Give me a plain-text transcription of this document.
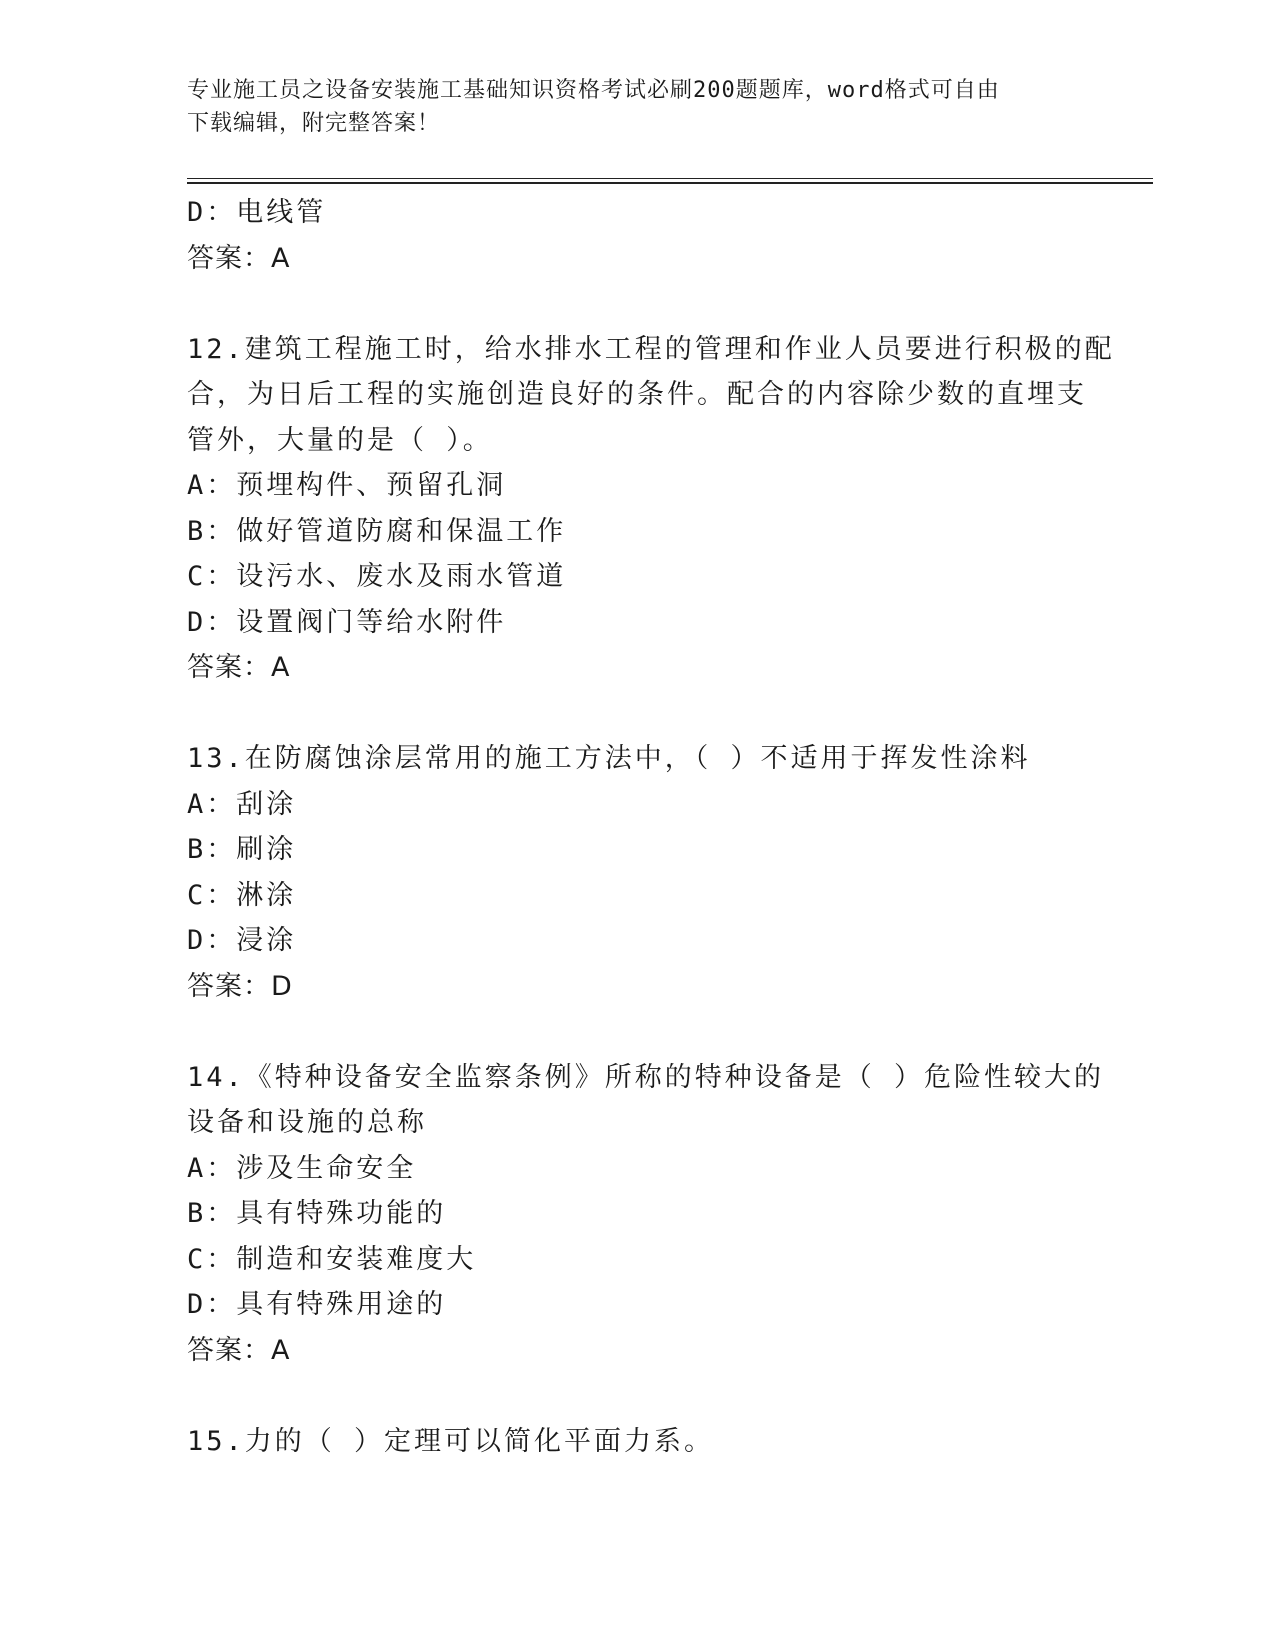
专业施工员之设备安装施工基础知识资格考试必刷200题题库，word格式可自由
下载编辑，附完整答案！
D：电线管
答案：A
12.建筑工程施工时，给水排水工程的管理和作业人员要进行积极的配
合，为日后工程的实施创造良好的条件。配合的内容除少数的直埋支
管外，大量的是（ ）。
A：预埋构件、预留孔洞
B：做好管道防腐和保温工作
C：设污水、废水及雨水管道
D：设置阀门等给水附件
答案：A
13.在防腐蚀涂层常用的施工方法中，（ ）不适用于挥发性涂料
A：刮涂
B：刷涂
C：淋涂
D：浸涂
答案：D
14.《特种设备安全监察条例》所称的特种设备是（ ）危险性较大的
设备和设施的总称
A：涉及生命安全
B：具有特殊功能的
C：制造和安装难度大
D：具有特殊用途的
答案：A
15.力的（ ）定理可以简化平面力系。
